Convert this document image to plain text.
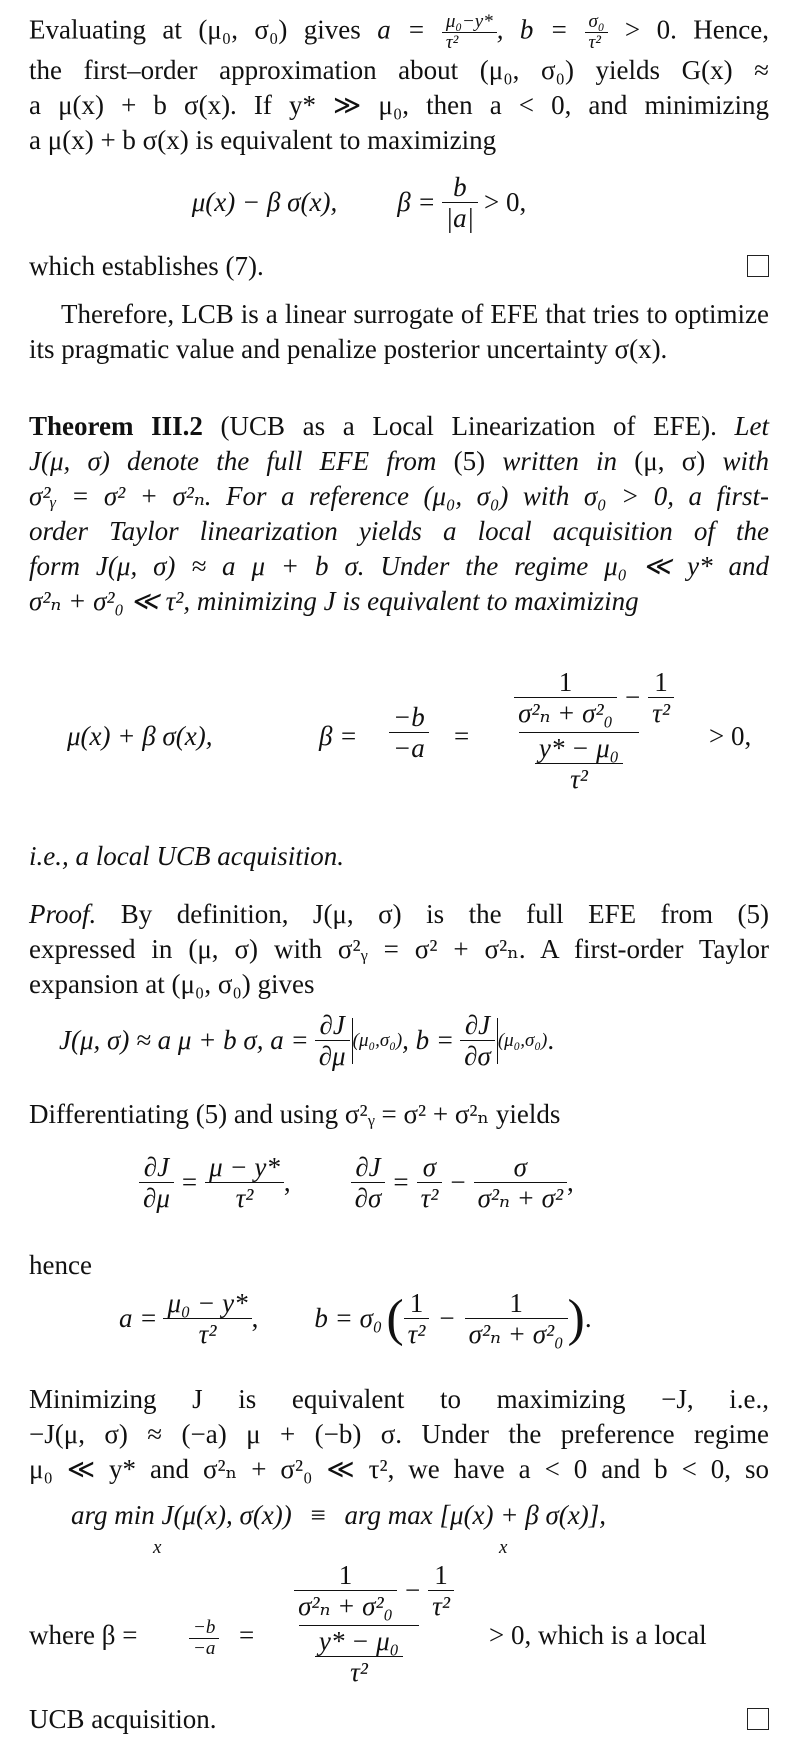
Evaluating at (μ₀, σ₀) gives $a = \frac{\text{μ₀−y*}}{\text{τ²}}$ , $b = \frac{\text{σ₀}}{\text{τ²}} > 0$. Hence,

the first–order approximation about (μ₀, σ₀) yields G(x) ≈

a μ(x) + b σ(x). If y* ≫ μ₀, then a < 0, and minimizing

a μ(x) + b σ(x) is equivalent to maximizing

μ(x) − β σ(x), $\beta = \frac{b}{|a|} > 0$,
which establishes (7).

Therefore, LCB is a linear surrogate of EFE that tries to optimize its pragmatic value and penalize posterior uncertainty σ(x).

Theorem III.2 (UCB as a Local Linearization of EFE). Let

J(μ, σ) denote the full EFE from (5) written in (μ, σ) with

σ²ᵧ = σ² + σ²ₙ. For a reference (μ₀, σ₀) with σ₀ > 0, a first-

order Taylor linearization yields a local acquisition of the

form J(μ, σ) ≈ a μ + b σ. Under the regime μ₀ ≪ y* and

σ²ₙ + σ²₀ ≪ τ², minimizing J is equivalent to maximizing

μ(x) + β σ(x),	$\beta = \frac{-b}{-a}$ =
$\frac{1}{\text{σ²ₙ + σ²₀}} - \frac{1}{\text{τ²}}$
$\frac{\text{y* − μ₀}}{\text{τ²}}$	> 0,
i.e., a local UCB acquisition.

Proof. By definition, J(μ, σ) is the full EFE from (5)

expressed in (μ, σ) with σ²ᵧ = σ² + σ²ₙ. A first-order Taylor

expansion at (μ₀, σ₀) gives

J(μ, σ) ≈ a μ + b σ, $a = \frac{\partial J}{\partial\mu} (\mu_0,\sigma_0)$ , $b = \frac{\partial J}{\partial\sigma} (\mu_0,\sigma_0)$ .
Differentiating (5) and using σ²ᵧ = σ² + σ²ₙ yields
$\frac{\partial J}{\partial\mu} = \frac{\mu - y*}{\text{τ²}}$ , $\frac{\partial J}{\partial\sigma} = \frac{\sigma}{\text{τ²}} - \frac{\sigma}{\text{σ²ₙ + σ²}}$ ,
hence
$a = \frac{\text{μ₀ − y*}}{\text{τ²}}$ , b = σ₀ ( $\frac{1}{\text{τ²}} - \frac{1}{\text{σ²ₙ + σ²₀}}$ ) .

Minimizing J is equivalent to maximizing −J, i.e.,

−J(μ, σ) ≈ (−a) μ + (−b) σ. Under the preference regime

μ₀ ≪ y* and σ²ₙ + σ²₀ ≪ τ², we have a < 0 and b < 0, so

arg min J(μ(x), σ(x)) ≡ arg max [μ(x) + β σ(x)],
x	x
where β =	$\frac{-b}{-a}$ =
$\frac{1}{\text{σ²ₙ + σ²₀}} - \frac{1}{\text{τ²}}$
$\frac{\text{y* − μ₀}}{\text{τ²}}$	> 0, which is a local
UCB acquisition.
